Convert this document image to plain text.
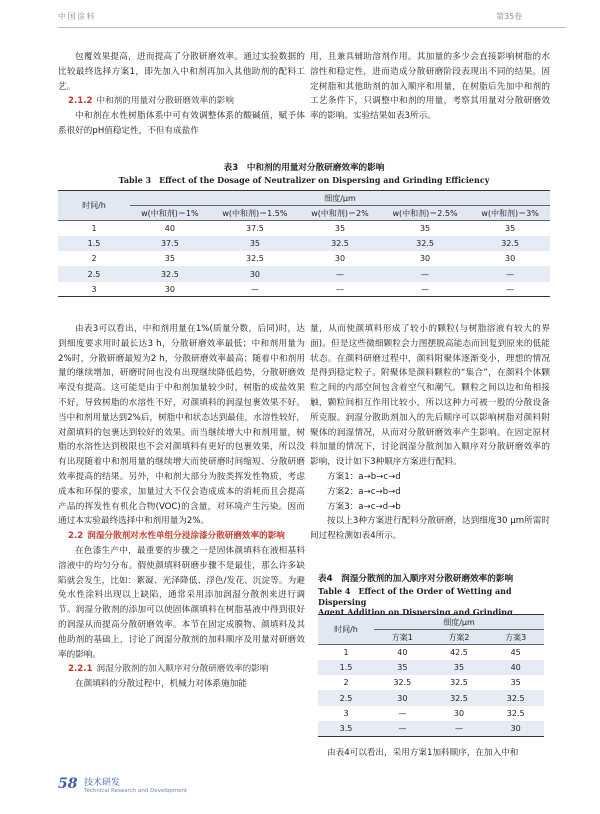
中国涂料	第35卷

包覆效果提高，进而提高了分散研磨效率。通过实验数据的比较最终选择方案1，即先加入中和剂再加入其他助剂的配料工艺。

2.1.2 中和剂的用量对分散研磨效率的影响

中和剂在水性树脂体系中可有效调整体系的酸碱值，赋予体系很好的pH值稳定性，不但有成盐作

用，且兼具辅助溶剂作用。其加量的多少会直接影响树脂的水溶性和稳定性，进而造成分散研磨阶段表现出不同的结果。固定树脂和其他助剂的加入顺序和用量，在树脂后先加中和剂的工艺条件下，只调整中和剂的用量，考察其用量对分散研磨效率的影响。实验结果如表3所示。

表3　中和剂的用量对分散研磨效率的影响
Table 3　Effect of the Dosage of Neutralizer on Dispersing and Grinding Efficiency
时间/h	细度/μm				
	w(中和剂)＝1%	w(中和剂)＝1.5%	w(中和剂)＝2%	w(中和剂)＝2.5%	w(中和剂)＝3%
1	40	37.5	35	35	35
1.5	37.5	35	32.5	32.5	32.5
2	35	32.5	30	30	30
2.5	32.5	30	—	—	—
3	30	—	—	—	—

由表3可以看出，中和剂用量在1%(质量分数，后同)时，达到细度要求用时最长达3 h，分散研磨效率最低；中和剂用量为2%时，分散研磨最短为2 h，分散研磨效率最高；随着中和剂用量的继续增加，研磨时间也没有出现继续降低趋势，分散研磨效率没有提高。这可能是由于中和剂加量较少时，树脂的成盐效果不好，导致树脂的水溶性不好，对颜填料的润湿包裹效果不好。当中和剂用量达到2%后，树脂中和状态达到最佳，水溶性较好，对颜填料的包裹达到较好的效果。而当继续增大中和剂用量，树脂的水溶性达到极限也不会对颜填料有更好的包裹效果，所以没有出现随着中和剂用量的继续增大而使研磨时间缩短、分散研磨效率提高的结果。另外，中和剂大部分为胺类挥发性物质，考虑成本和环保的要求，加量过大不仅会造成成本的消耗而且会提高产品的挥发性有机化合物(VOC)的含量，对环境产生污染。因而通过本实验最终选择中和剂用量为2%。

2.2 润湿分散剂对水性单组分浸涂漆分散研磨效率的影响

在色漆生产中，最重要的步骤之一是固体颜填料在液相基料溶液中的均匀分布。假使颜填料研磨步骤不是最佳，那么许多缺陷就会发生，比如：絮凝、光泽降低、浮色/发花、沉淀等。为避免水性涂料出现以上缺陷，通常采用添加润湿分散剂来进行调节。润湿分散剂的添加可以使固体颜填料在树脂基液中得到很好的润湿从而提高分散研磨效率。本节在固定成膜物、颜填料及其他助剂的基础上，讨论了润湿分散剂的加料顺序及用量对研磨效率的影响。

2.2.1 润湿分散剂的加入顺序对分散研磨效率的影响

在颜填料的分散过程中，机械力对体系施加能

量，从而使颜填料形成了较小的颗粒(与树脂溶液有较大的界面)。但是这些微细颗粒会力图摆脱高能态而回复到原来的低能状态。在颜料研磨过程中，颜料附聚体逐渐变小，理想的情况是得到稳定粒子。附聚体是颜料颗粒的“集合”，在颜料个体颗粒之间的内部空间包含着空气和潮气。颗粒之间以边和角相接触，颗粒间相互作用比较小，所以这种力可被一般的分散设备所克服。润湿分散助剂加入的先后顺序可以影响树脂对颜料附聚体的润湿情况，从而对分散研磨效率产生影响。在固定原材料加量的情况下，讨论润湿分散剂加入顺序对分散研磨效率的影响，设计如下3种顺序方案进行配料。

方案1：a→b→c→d

方案2：a→c→b→d

方案3：a→c→d→b

按以上3种方案进行配料分散研磨，达到细度30 μm所需时间过程检测如表4所示。

表4　润湿分散剂的加入顺序对分散研磨效率的影响
Table 4　Effect of the Order of Wetting and Dispersing
Agent Addition on Dispersing and Grinding Efficiency
时间/h	细度/μm		
	方案1	方案2	方案3
1	40	42.5	45
1.5	35	35	40
2	32.5	32.5	35
2.5	30	32.5	32.5
3	—	30	32.5
3.5	—	—	30

由表4可以看出，采用方案1加料顺序，在加入中和

58 技术研发
Technical Research and Development
